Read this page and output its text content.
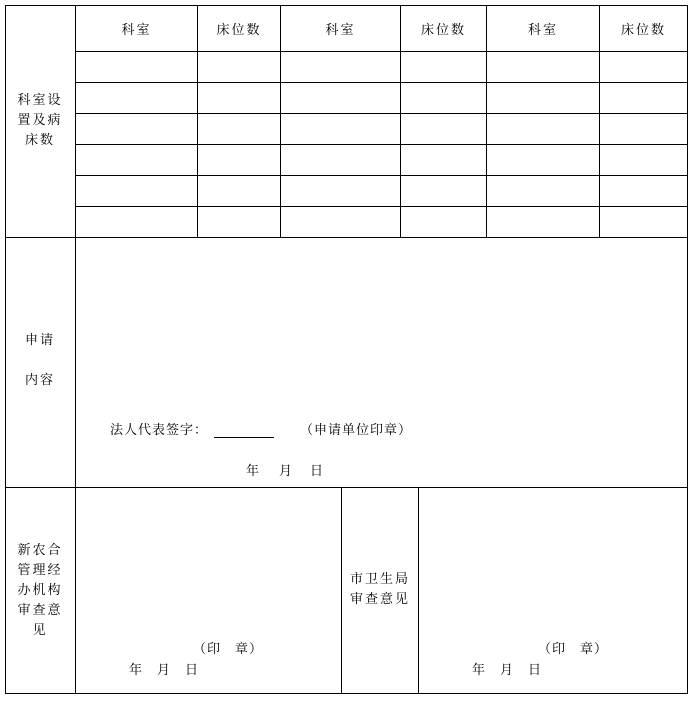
科室设
置及病
床数
科室	床位数	科室	床位数	科室	床位数
申请
内容
法人代表签字：	（申请单位印章）
年 月 日
新农合
管理经
办机构
审查意
见
（印　章）
年　月　日
市卫生局
审查意见
（印　章）
年　月　日
